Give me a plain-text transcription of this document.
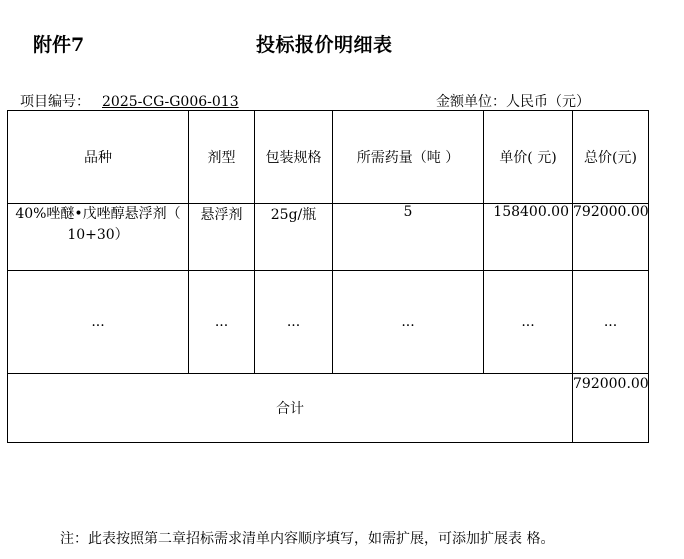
附件7	投标报价明细表
项目编号： 2025-CG-G006-013	金额单位：人民币（元）
品种	剂型	包装规格	所需药量（吨 ）	单价( 元)	总价(元)

40%唑醚•戊唑醇悬浮剂（
10+30）	悬浮剂	25g/瓶	5	158400.00	792000.00
...	...	...	...	...	...
合计					792000.00
注：此表按照第二章招标需求清单内容顺序填写，如需扩展，可添加扩展表 格。
